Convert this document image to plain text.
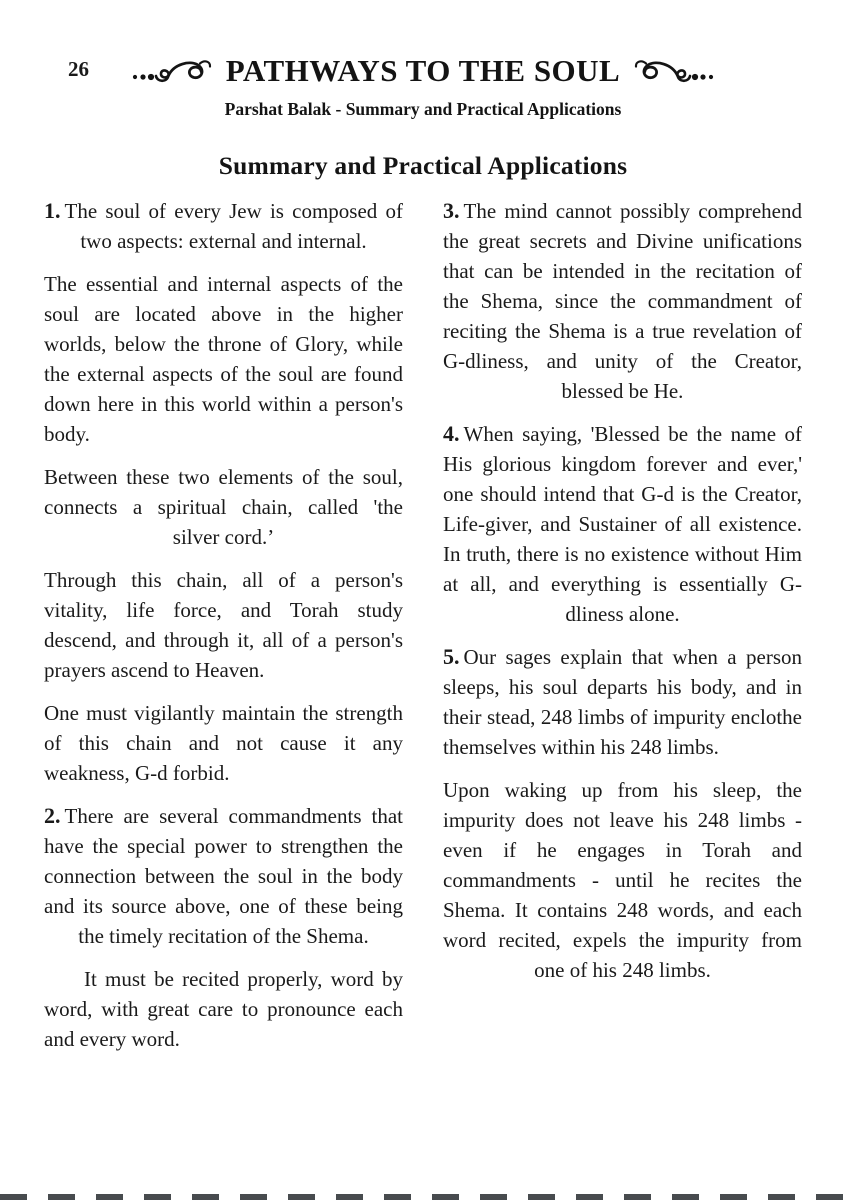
26	PATHWAYS TO THE SOUL
Parshat Balak - Summary and Practical Applications
Summary and Practical Applications

1. The soul of every Jew is composed of two aspects: external and internal.

The essential and internal aspects of the soul are located above in the higher worlds, below the throne of Glory, while the external aspects of the soul are found down here in this world within a person's body.

Between these two elements of the soul, connects a spiritual chain, called 'the silver cord.’

Through this chain, all of a person's vitality, life force, and Torah study descend, and through it, all of a person's prayers ascend to Heaven.

One must vigilantly maintain the strength of this chain and not cause it any weakness, G-d forbid.

2. There are several commandments that have the special power to strengthen the connection between the soul in the body and its source above, one of these being the timely recitation of the Shema.

It must be recited properly, word by word, with great care to pronounce each and every word.

3. The mind cannot possibly comprehend the great secrets and Divine unifications that can be intended in the recitation of the Shema, since the commandment of reciting the Shema is a true revelation of G-dliness, and unity of the Creator, blessed be He.

4. When saying, 'Blessed be the name of His glorious kingdom forever and ever,' one should intend that G-d is the Creator, Life-giver, and Sustainer of all existence. In truth, there is no existence without Him at all, and everything is essentially G-dliness alone.

5. Our sages explain that when a person sleeps, his soul departs his body, and in their stead, 248 limbs of impurity enclothe themselves within his 248 limbs.

Upon waking up from his sleep, the impurity does not leave his 248 limbs - even if he engages in Torah and commandments - until he recites the Shema. It contains 248 words, and each word recited, expels the impurity from one of his 248 limbs.
